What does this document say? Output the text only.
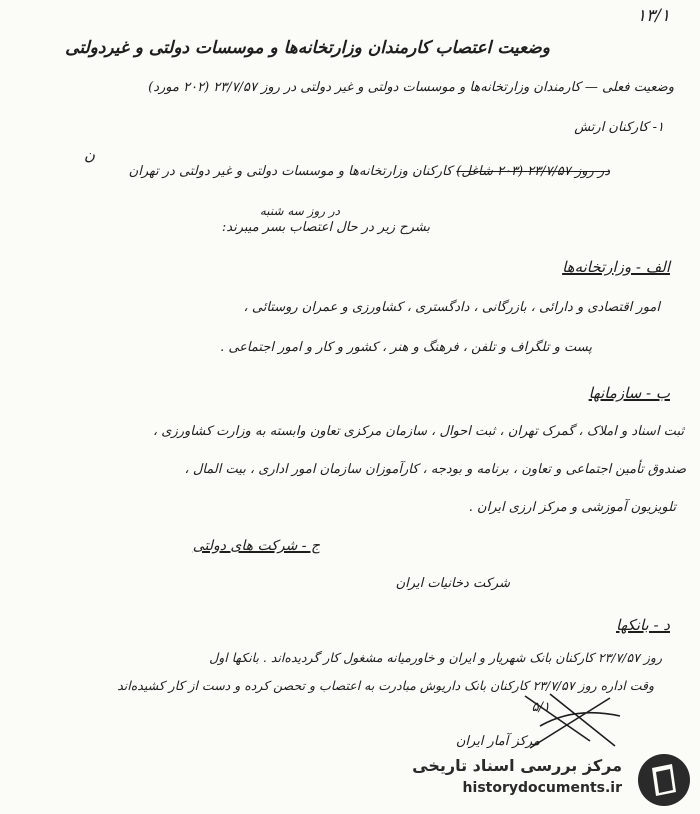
۱۳/۱
ن
وضعیت اعتصاب کارمندان وزارتخانه‌ها و موسسات دولتی و غیردولتی
وضعیت فعلی — کارمندان وزارتخانه‌ها و موسسات دولتی و غیر دولتی در روز ۲۳/۷/۵۷ (۲۰۲ مورد)
۱- کارکنان ارتش
در روز ۲۳/۷/۵۷ (۲۰۳ شاغل) کارکنان وزارتخانه‌ها و موسسات دولتی و غیر دولتی در تهران
در روز سه شنبه
بشرح زیر در حال اعتصاب بسر میبرند:
الف - وزارتخانه‌ها
امور اقتصادی و دارائی ، بازرگانی ، دادگستری ، کشاورزی و عمران روستائی ،
پست و تلگراف و تلفن ، فرهنگ و هنر ، کشور و کار و امور اجتماعی .
ب - سازمانها
ثبت اسناد و املاک ، گمرک تهران ، ثبت احوال ، سازمان مرکزی تعاون وابسته به وزارت کشاورزی ،
صندوق تأمین اجتماعی و تعاون ، برنامه و بودجه ، کارآموزان سازمان امور اداری ، بیت المال ،
تلویزیون آموزشی و مرکز ارزی ایران .
ج - شرکت های دولتی
شرکت دخانیات ایران
د - بانکها
روز ۲۳/۷/۵۷ کارکنان بانک شهریار و ایران و خاورمیانه مشغول کار گردیده‌اند . بانکها اول
وقت اداره روز ۲۳/۷/۵۷ کارکنان بانک داریوش مبادرت به اعتصاب و تحصن کرده و دست از کار کشیده‌اند
۵/۱
مرکز آمار ایران
مرکز بررسی اسناد تاریخی
historydocuments.ir
